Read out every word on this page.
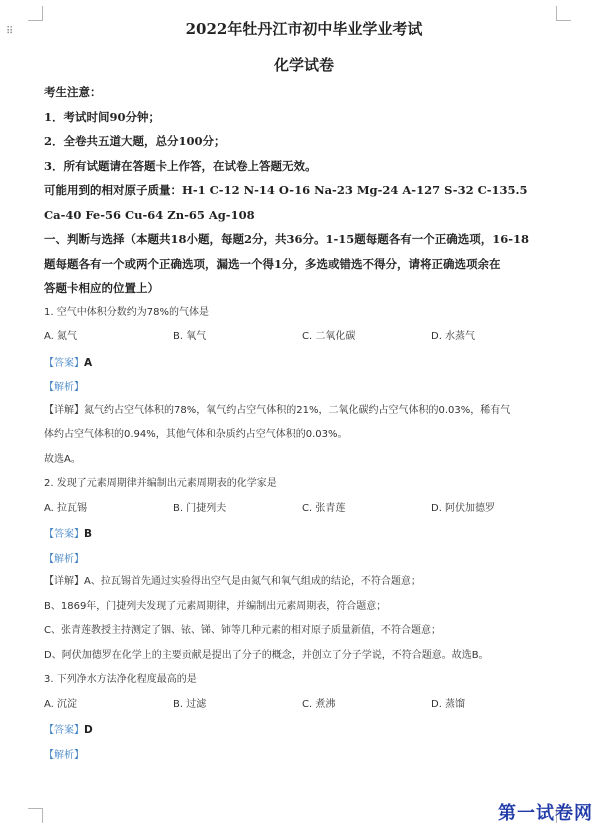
⠿	2022年牡丹江市初中毕业学业考试
化学试卷
考生注意：
1．考试时间90分钟；
2．全卷共五道大题，总分100分；
3．所有试题请在答题卡上作答，在试卷上答题无效。
可能用到的相对原子质量：H-1 C-12 N-14 O-16 Na-23 Mg-24 A-127 S-32 C-135.5
Ca-40 Fe-56 Cu-64 Zn-65 Ag-108
一、判断与选择（本题共18小题，每题2分，共36分。1-15题每题各有一个正确选项，16-18
题每题各有一个或两个正确选项，漏选一个得1分，多选或错选不得分，请将正确选项余在
答题卡相应的位置上）
1. 空气中体积分数约为78%的气体是
A. 氮气	B. 氧气	C. 二氧化碳	D. 水蒸气
【答案】A
【解析】
【详解】氮气约占空气体积的78%，氧气约占空气体积的21%，二氧化碳约占空气体积的0.03%，稀有气
体约占空气体积的0.94%，其他气体和杂质约占空气体积的0.03%。
故选A。
2. 发现了元素周期律并编制出元素周期表的化学家是
A. 拉瓦锡	B. 门捷列夫	C. 张青莲	D. 阿伏加德罗
【答案】B
【解析】
【详解】A、拉瓦锡首先通过实验得出空气是由氮气和氧气组成的结论，不符合题意；
B、1869年，门捷列夫发现了元素周期律，并编制出元素周期表，符合题意；
C、张青莲教授主持测定了铟、铱、锑、铈等几种元素的相对原子质量新值，不符合题意；
D、阿伏加德罗在化学上的主要贡献是提出了分子的概念，并创立了分子学说，不符合题意。故选B。
3. 下列净水方法净化程度最高的是
A. 沉淀	B. 过滤	C. 煮沸	D. 蒸馏
【答案】D
【解析】
第一试卷网
